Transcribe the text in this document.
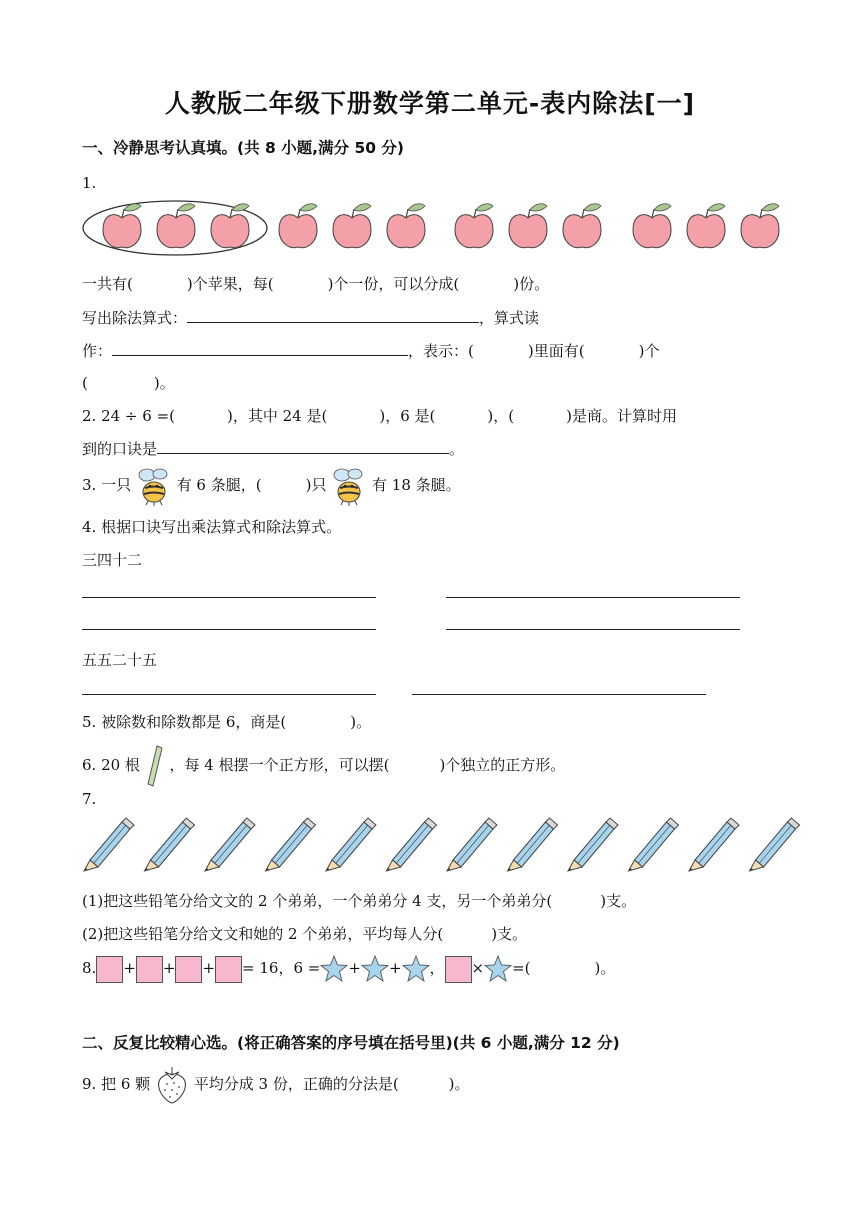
人教版二年级下册数学第二单元-表内除法[一]
一、冷静思考认真填。(共 8 小题,满分 50 分)
1.
一共有(	)个苹果，每(	)个一份，可以分成(	)份。
写出除法算式：	，算式读
作：	，表示：(	)里面有(	)个
(	)。
2. 24 ÷ 6 =(	)，其中 24 是(	)，6 是(	)，(	)是商。计算时用
到的口诀是	。
3. 一只	有 6 条腿，(	)只	有 18 条腿。
4. 根据口诀写出乘法算式和除法算式。
三四十二
五五二十五
5. 被除数和除数都是 6，商是(	)。
6. 20 根 ，每 4 根摆一个正方形，可以摆(	)个独立的正方形。
7.
(1)把这些铅笔分给文文的 2 个弟弟，一个弟弟分 4 支，另一个弟弟分(	)支。
(2)把这些铅笔分给文文和她的 2 个弟弟，平均每人分(	)支。
8. + + + = 16，6 = + + ， × =(	)。
二、反复比较精心选。(将正确答案的序号填在括号里)(共 6 小题,满分 12 分)
9. 把 6 颗	平均分成 3 份，正确的分法是(	)。
